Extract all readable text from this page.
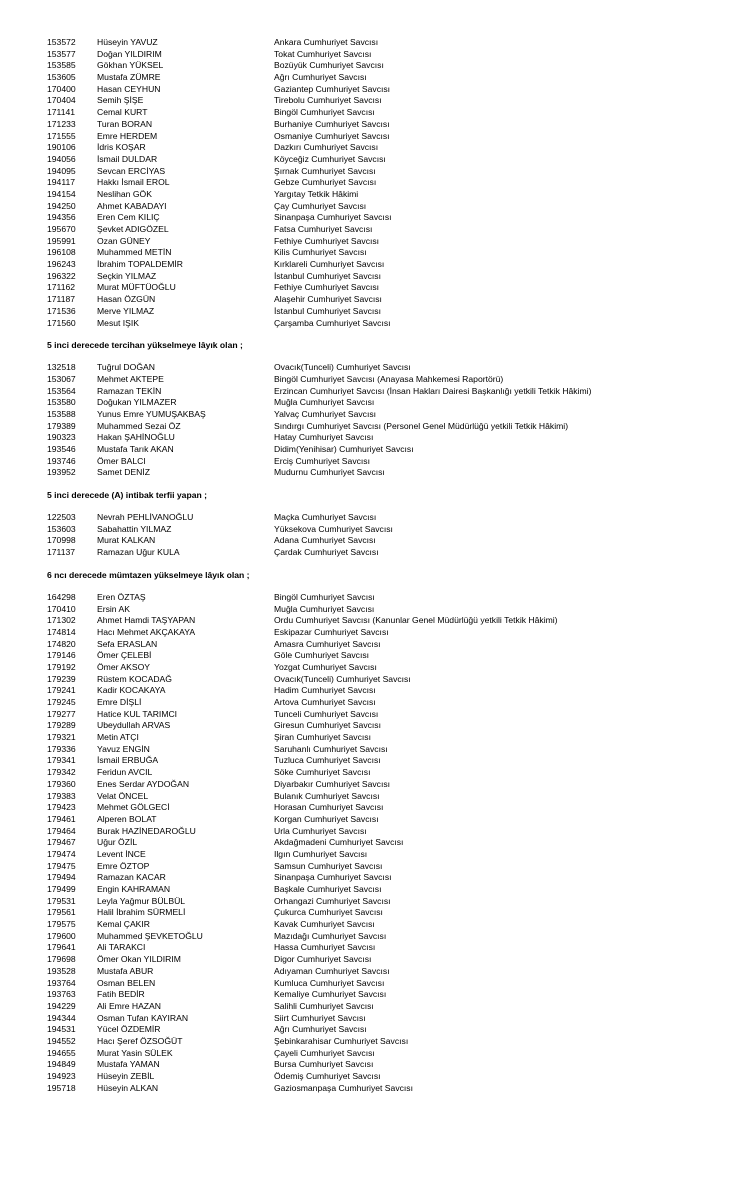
153572 Hüseyin YAVUZ	Ankara Cumhuriyet Savcısı
153577 Doğan YILDIRIM	Tokat Cumhuriyet Savcısı
153585 Gökhan YÜKSEL	Bozüyük Cumhuriyet Savcısı
153605 Mustafa ZÜMRE	Ağrı Cumhuriyet Savcısı
170400 Hasan CEYHUN	Gaziantep Cumhuriyet Savcısı
170404 Semih ŞİŞE	Tirebolu Cumhuriyet Savcısı
171141	Cemal KURT	Bingöl Cumhuriyet Savcısı
171233 Turan BORAN	Burhaniye Cumhuriyet Savcısı
171555 Emre HERDEM	Osmaniye Cumhuriyet Savcısı
190106 İdris KOŞAR	Dazkırı Cumhuriyet Savcısı
194056 İsmail DULDAR	Köyceğiz Cumhuriyet Savcısı
194095 Sevcan ERCİYAS	Şırnak Cumhuriyet Savcısı
194117	Hakkı İsmail EROL	Gebze Cumhuriyet Savcısı
194154 Neslihan GÖK	Yargıtay Tetkik Hâkimi
194250 Ahmet KABADAYI	Çay Cumhuriyet Savcısı
194356 Eren Cem KILIÇ	Sinanpaşa Cumhuriyet Savcısı
195670 Şevket ADIGÖZEL	Fatsa Cumhuriyet Savcısı
195991 Ozan GÜNEY	Fethiye Cumhuriyet Savcısı
196108 Muhammed METİN	Kilis Cumhuriyet Savcısı
196243 İbrahim TOPALDEMİR	Kırklareli Cumhuriyet Savcısı
196322 Seçkin YILMAZ	İstanbul Cumhuriyet Savcısı
171162	Murat MÜFTÜOĞLU	Fethiye Cumhuriyet Savcısı
171187	Hasan ÖZGÜN	Alaşehir Cumhuriyet Savcısı
171536 Merve YILMAZ	İstanbul Cumhuriyet Savcısı
171560 Mesut IŞIK	Çarşamba Cumhuriyet Savcısı
5 inci derecede tercihan yükselmeye lâyık olan ;
132518 Tuğrul DOĞAN	Ovacık(Tunceli) Cumhuriyet Savcısı
153067 Mehmet AKTEPE	Bingöl Cumhuriyet Savcısı (Anayasa Mahkemesi Raportörü)
153564 Ramazan TEKİN	Erzincan Cumhuriyet Savcısı (İnsan Hakları Dairesi Başkanlığı yetkili Tetkik Hâkimi)
153580 Doğukan YILMAZER	Muğla Cumhuriyet Savcısı
153588 Yunus Emre YUMUŞAKBAŞ	Yalvaç Cumhuriyet Savcısı
179389 Muhammed Sezai ÖZ	Sındırgı Cumhuriyet Savcısı (Personel Genel Müdürlüğü yetkili Tetkik Hâkimi)
190323 Hakan ŞAHİNOĞLU	Hatay Cumhuriyet Savcısı
193546 Mustafa Tarık AKAN	Didim(Yenihisar) Cumhuriyet Savcısı
193746 Ömer BALCI	Erciş Cumhuriyet Savcısı
193952 Samet DENİZ	Mudurnu Cumhuriyet Savcısı
5 inci derecede (A) intibak terfii yapan ;
122503 Nevrah PEHLİVANOĞLU	Maçka Cumhuriyet Savcısı
153603 Sabahattin YILMAZ	Yüksekova Cumhuriyet Savcısı
170998 Murat KALKAN	Adana Cumhuriyet Savcısı
171137	Ramazan Uğur KULA	Çardak Cumhuriyet Savcısı
6 ncı derecede mümtazen yükselmeye lâyık olan ;
164298 Eren ÖZTAŞ	Bingöl Cumhuriyet Savcısı
170410 Ersin AK	Muğla Cumhuriyet Savcısı
171302 Ahmet Hamdi TAŞYAPAN	Ordu Cumhuriyet Savcısı (Kanunlar Genel Müdürlüğü yetkili Tetkik Hâkimi)
174814 Hacı Mehmet AKÇAKAYA	Eskipazar Cumhuriyet Savcısı
174820 Sefa ERASLAN	Amasra Cumhuriyet Savcısı
179146 Ömer ÇELEBİ	Göle Cumhuriyet Savcısı
179192 Ömer AKSOY	Yozgat Cumhuriyet Savcısı
179239 Rüstem KOCADAĞ	Ovacık(Tunceli) Cumhuriyet Savcısı
179241 Kadir KOCAKAYA	Hadim Cumhuriyet Savcısı
179245 Emre DİŞLİ	Artova Cumhuriyet Savcısı
179277 Hatice KUL TARIMCI	Tunceli Cumhuriyet Savcısı
179289 Ubeydullah ARVAS	Giresun Cumhuriyet Savcısı
179321 Metin ATÇI	Şiran Cumhuriyet Savcısı
179336 Yavuz ENGİN	Saruhanlı Cumhuriyet Savcısı
179341 İsmail ERBUĞA	Tuzluca Cumhuriyet Savcısı
179342 Feridun AVCIL	Söke Cumhuriyet Savcısı
179360 Enes Serdar AYDOĞAN	Diyarbakır Cumhuriyet Savcısı
179383 Velat ÖNCEL	Bulanık Cumhuriyet Savcısı
179423 Mehmet GÖLGECİ	Horasan Cumhuriyet Savcısı
179461 Alperen BOLAT	Korgan Cumhuriyet Savcısı
179464 Burak HAZİNEDAROĞLU	Urla Cumhuriyet Savcısı
179467 Uğur ÖZİL	Akdağmadeni Cumhuriyet Savcısı
179474 Levent İNCE	Ilgın Cumhuriyet Savcısı
179475 Emre ÖZTOP	Samsun Cumhuriyet Savcısı
179494 Ramazan KACAR	Sinanpaşa Cumhuriyet Savcısı
179499 Engin KAHRAMAN	Başkale Cumhuriyet Savcısı
179531 Leyla Yağmur BÜLBÜL	Orhangazi Cumhuriyet Savcısı
179561 Halil İbrahim SÜRMELİ	Çukurca Cumhuriyet Savcısı
179575 Kemal ÇAKIR	Kavak Cumhuriyet Savcısı
179600 Muhammed ŞEVKETOĞLU	Mazıdağı Cumhuriyet Savcısı
179641 Ali TARAKCI	Hassa Cumhuriyet Savcısı
179698 Ömer Okan YILDIRIM	Digor Cumhuriyet Savcısı
193528 Mustafa ABUR	Adıyaman Cumhuriyet Savcısı
193764 Osman BELEN	Kumluca Cumhuriyet Savcısı
193763 Fatih BEDİR	Kemaliye Cumhuriyet Savcısı
194229 Ali Emre HAZAN	Salihli Cumhuriyet Savcısı
194344 Osman Tufan KAYIRAN	Siirt Cumhuriyet Savcısı
194531 Yücel ÖZDEMİR	Ağrı Cumhuriyet Savcısı
194552 Hacı Şeref ÖZSOĞÜT	Şebinkarahisar Cumhuriyet Savcısı
194655 Murat Yasin SÜLEK	Çayeli Cumhuriyet Savcısı
194849 Mustafa YAMAN	Bursa Cumhuriyet Savcısı
194923 Hüseyin ZEBİL	Ödemiş Cumhuriyet Savcısı
195718 Hüseyin ALKAN	Gaziosmanpaşa Cumhuriyet Savcısı
